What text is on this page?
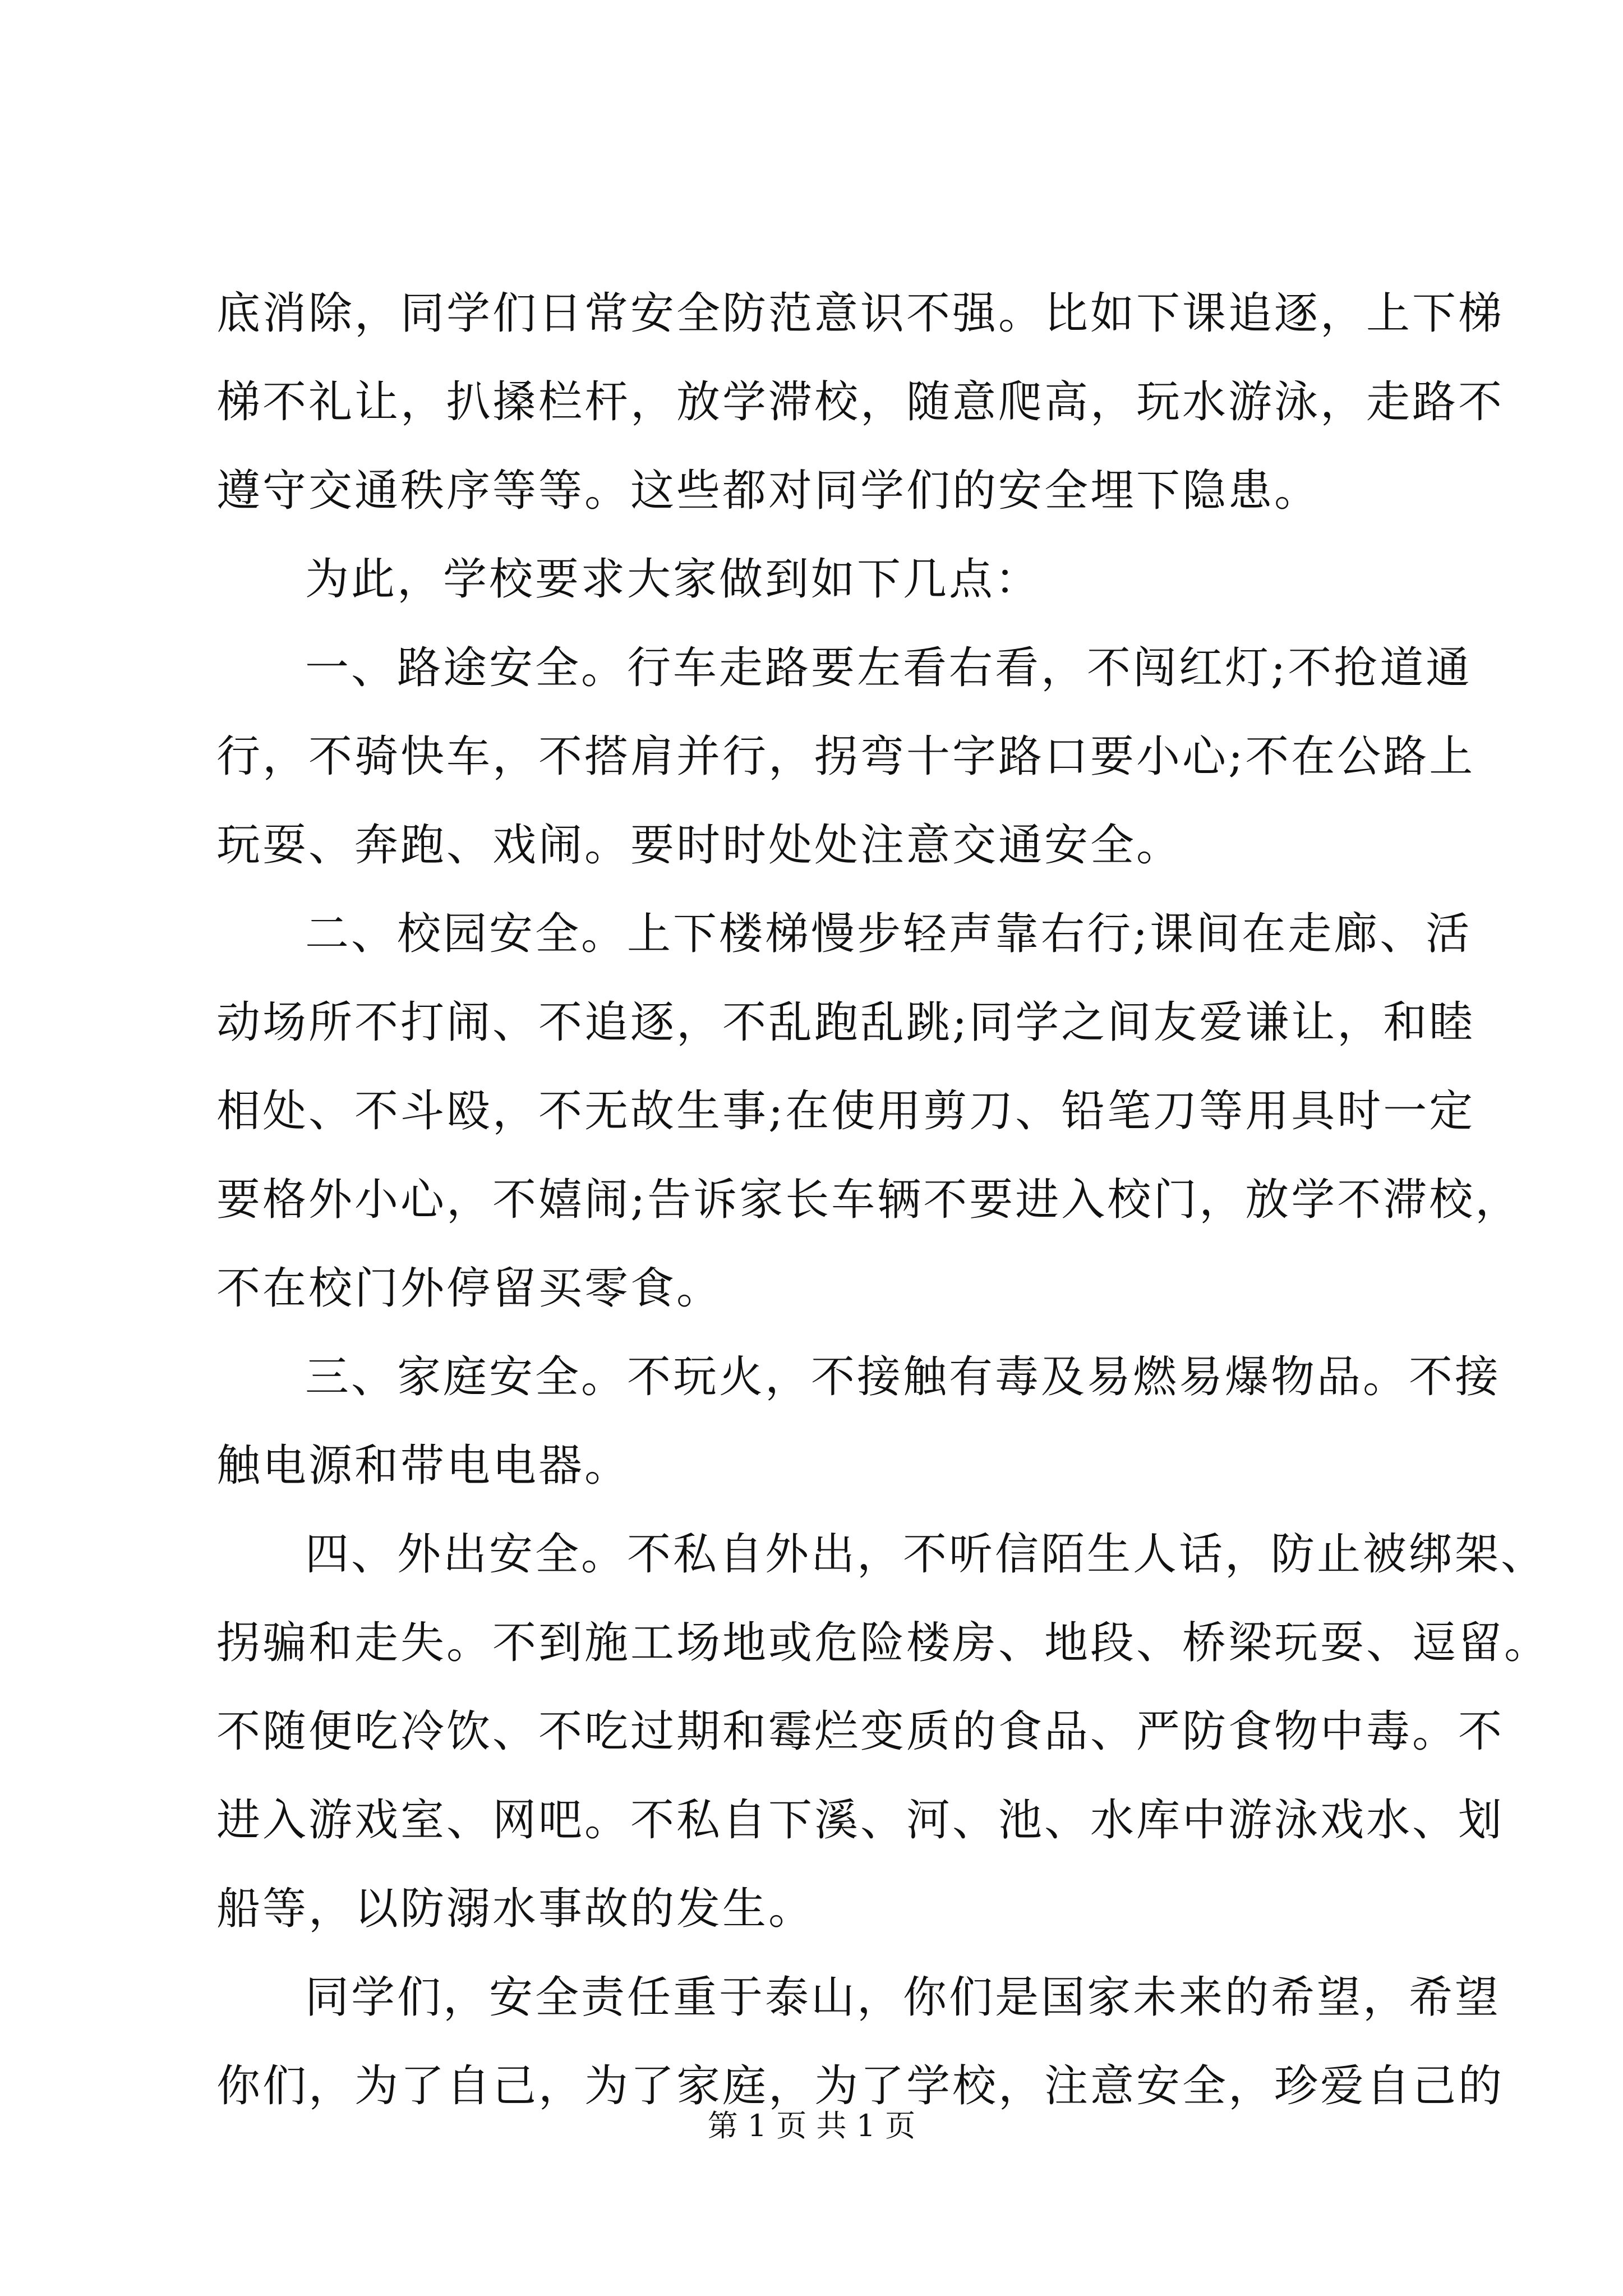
底消除，同学们日常安全防范意识不强。比如下课追逐，上下梯
梯不礼让，扒搡栏杆，放学滞校，随意爬高，玩水游泳，走路不
遵守交通秩序等等。这些都对同学们的安全埋下隐患。
为此，学校要求大家做到如下几点：
一、路途安全。行车走路要左看右看，不闯红灯;不抢道通
行，不骑快车，不搭肩并行，拐弯十字路口要小心;不在公路上
玩耍、奔跑、戏闹。要时时处处注意交通安全。
二、校园安全。上下楼梯慢步轻声靠右行;课间在走廊、活
动场所不打闹、不追逐，不乱跑乱跳;同学之间友爱谦让，和睦
相处、不斗殴，不无故生事;在使用剪刀、铅笔刀等用具时一定
要格外小心，不嬉闹;告诉家长车辆不要进入校门，放学不滞校，
不在校门外停留买零食。
三、家庭安全。不玩火，不接触有毒及易燃易爆物品。不接
触电源和带电电器。
四、外出安全。不私自外出，不听信陌生人话，防止被绑架、
拐骗和走失。不到施工场地或危险楼房、地段、桥梁玩耍、逗留。
不随便吃冷饮、不吃过期和霉烂变质的食品、严防食物中毒。不
进入游戏室、网吧。不私自下溪、河、池、水库中游泳戏水、划
船等，以防溺水事故的发生。
同学们，安全责任重于泰山，你们是国家未来的希望，希望
你们，为了自己，为了家庭，为了学校，注意安全，珍爱自己的
第 1 页 共 1 页
